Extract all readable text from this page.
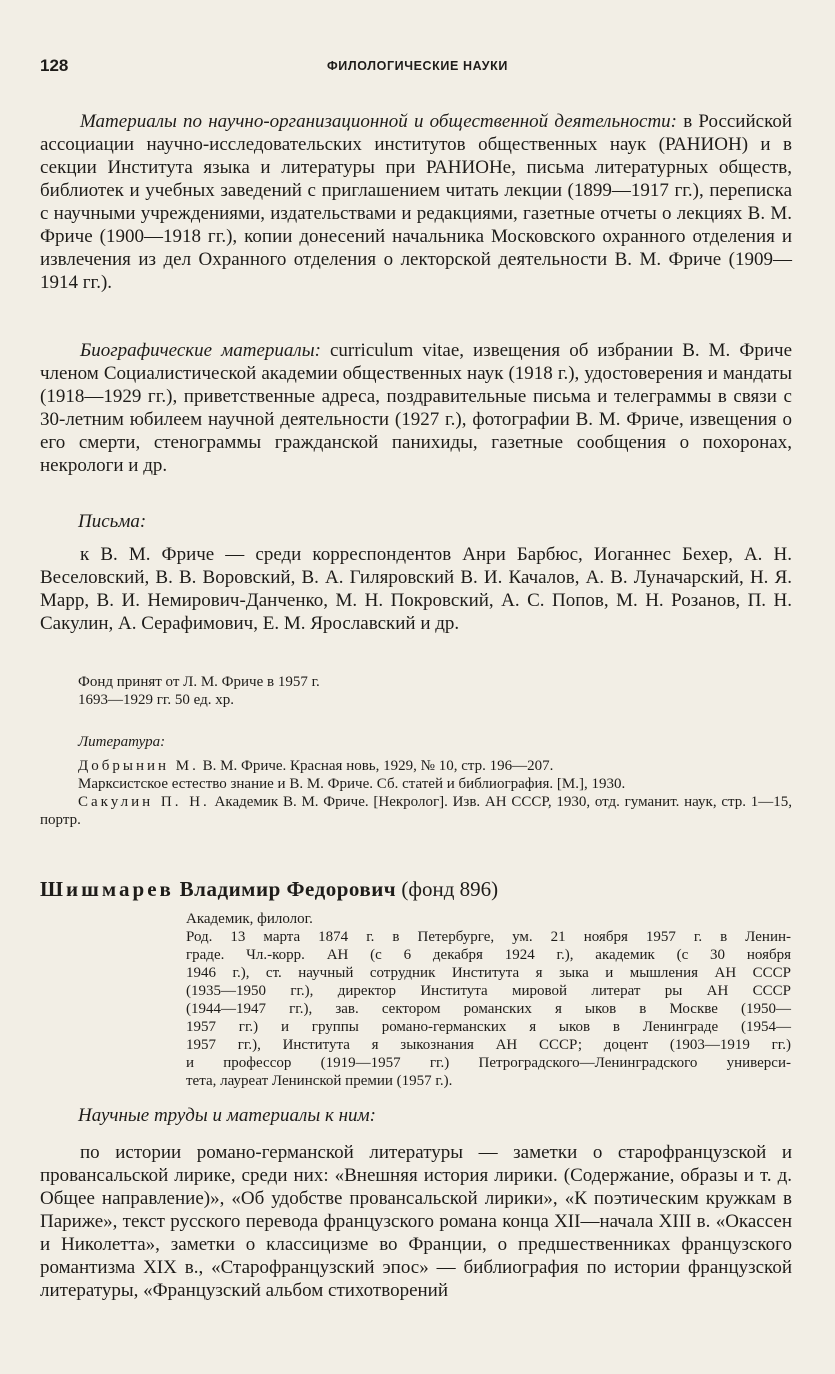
128	ФИЛОЛОГИЧЕСКИЕ НАУКИ

Материалы по научно-организационной и общественной деятельности: в Российской ассоциации научно-исследовательских институтов общественных наук (РАНИОН) и в секции Института языка и литературы при РАНИОНе, письма литературных обществ, библиотек и учебных заведений с приглашением читать лекции (1899—1917 гг.), переписка с научными учреждениями, издательствами и редакциями, газетные отчеты о лекциях В. М. Фриче (1900—1918 гг.), копии донесений начальника Московского охранного отделения и извлечения из дел Охранного отделения о лекторской деятельности В. М. Фриче (1909—1914 гг.).

Биографические материалы: curriculum vitae, извещения об избрании В. М. Фриче членом Социалистической академии общественных наук (1918 г.), удостоверения и мандаты (1918—1929 гг.), приветственные адреса, поздравительные письма и телеграммы в связи с 30-летним юбилеем научной деятельности (1927 г.), фотографии В. М. Фриче, извещения о его смерти, стенограммы гражданской панихиды, газетные сообщения о похоронах, некрологи и др.

Письма:

к В. М. Фриче — среди корреспондентов Анри Барбюс, Иоганнес Бехер, А. Н. Веселовский, В. В. Воровский, В. А. Гиляровский В. И. Качалов, А. В. Луначарский, Н. Я. Марр, В. И. Немирович-Данченко, М. Н. Покровский, А. С. Попов, М. Н. Розанов, П. Н. Сакулин, А. Серафимович, Е. М. Ярославский и др.

Фонд принят от Л. М. Фриче в 1957 г.
1693—1929 гг. 50 ед. хр.

Литература:

Добрынин М. В. М. Фриче. Красная новь, 1929, № 10, стр. 196—207.
Марксистское естество знание и В. М. Фриче. Сб. статей и библиография. [М.], 1930.
Сакулин П. Н. Академик В. М. Фриче. [Некролог]. Изв. АН СССР, 1930, отд. гуманит. наук, стр. 1—15, портр.
Шишмарев Владимир Федорович (фонд 896)

Академик, филолог.
Род. 13 марта 1874 г. в Петербурге, ум. 21 ноября 1957 г. в Ленин-
граде. Чл.-корр. АН (с 6 декабря 1924 г.), академик (с 30 ноября
1946 г.), ст. научный сотрудник Института я зыка и мышления АН СССР
(1935—1950 гг.), директор Института мировой литерат ры АН СССР
(1944—1947 гг.), зав. сектором романских я ыков в Москве (1950—
1957 гг.) и группы романо-германских я ыков в Ленинграде (1954—
1957 гг.), Института я зыкознания АН СССР; доцент (1903—1919 гг.)
и профессор (1919—1957 гг.) Петроградского—Ленинградского универси-
тета, лауреат Ленинской премии (1957 г.).

Научные труды и материалы к ним:

по истории романо-германской литературы — заметки о старофранцузской и провансальской лирике, среди них: «Внешняя история лирики. (Содержание, образы и т. д. Общее направление)», «Об удобстве провансальской лирики», «К поэтическим кружкам в Париже», текст русского перевода французского романа конца XII—начала XIII в. «Окассен и Николетта», заметки о классицизме во Франции, о предшественниках французского романтизма XIX в., «Старофранцузский эпос» — библиография по истории французской литературы, «Французский альбом стихотворений
